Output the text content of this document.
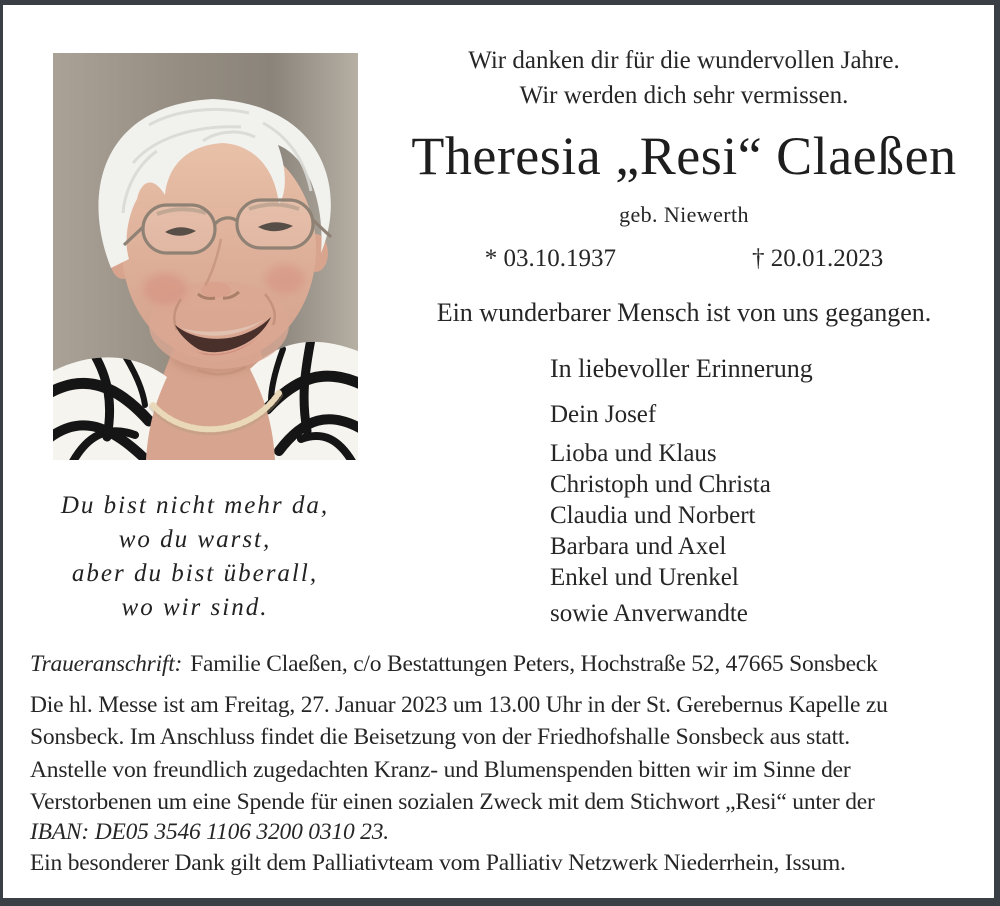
Wir danken dir für die wundervollen Jahre.
Wir werden dich sehr vermissen.
Theresia „Resi“ Claeßen
geb. Niewerth
* 03.10.1937	† 20.01.2023
Ein wunderbarer Mensch ist von uns gegangen.
In liebevoller Erinnerung
Dein Josef
Lioba und Klaus
Christoph und Christa
Claudia und Norbert
Barbara und Axel
Enkel und Urenkel
sowie Anverwandte
Du bist nicht mehr da,
wo du warst,
aber du bist überall,
wo wir sind.
Traueranschrift: Familie Claeßen, c/o Bestattungen Peters, Hochstraße 52, 47665 Sonsbeck
Die hl. Messe ist am Freitag, 27. Januar 2023 um 13.00 Uhr in der St. Gerebernus Kapelle zu
Sonsbeck. Im Anschluss findet die Beisetzung von der Friedhofshalle Sonsbeck aus statt.
Anstelle von freundlich zugedachten Kranz- und Blumenspenden bitten wir im Sinne der
Verstorbenen um eine Spende für einen sozialen Zweck mit dem Stichwort „Resi“ unter der
IBAN: DE05 3546 1106 3200 0310 23.
Ein besonderer Dank gilt dem Palliativteam vom Palliativ Netzwerk Niederrhein, Issum.
